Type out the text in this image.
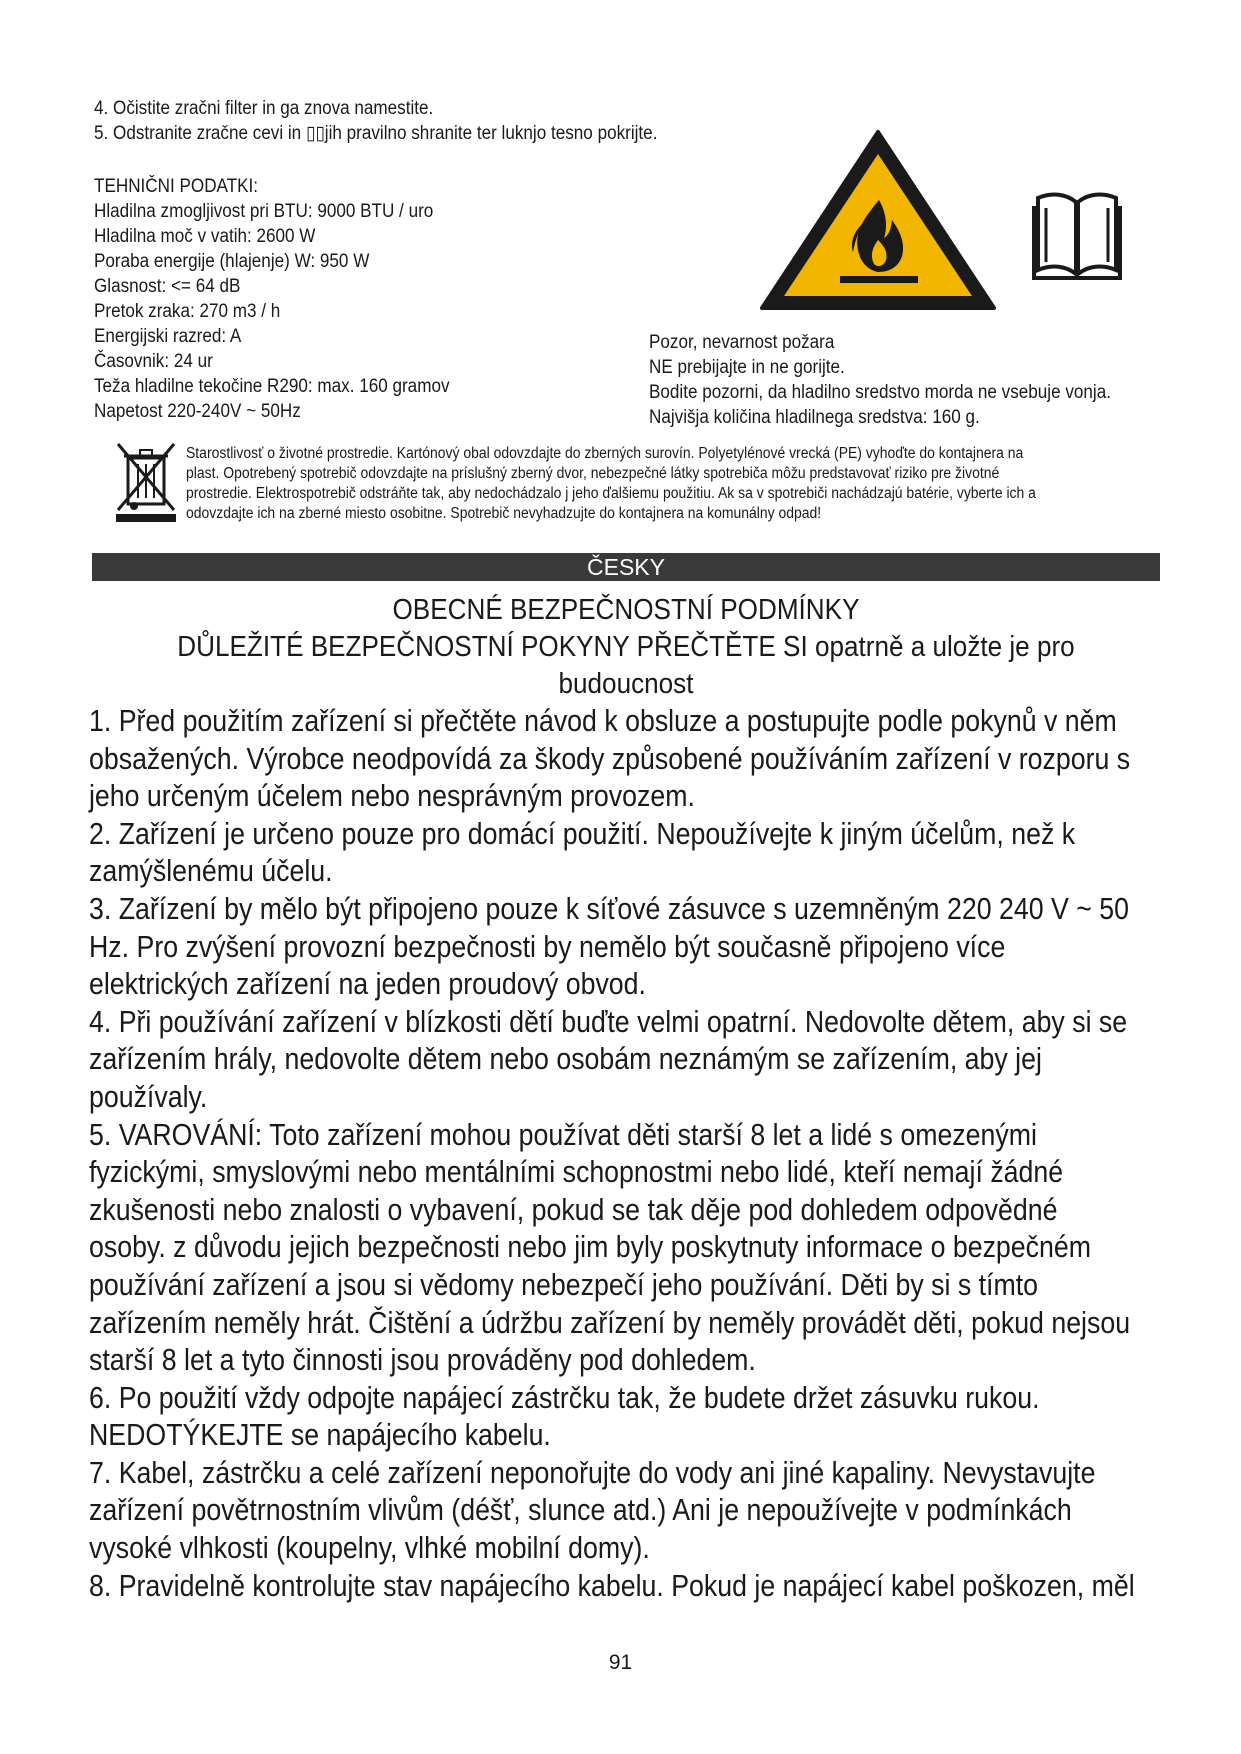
4. Očistite zračni filter in ga znova namestite.
5. Odstranite zračne cevi in ▯▯jih pravilno shranite ter luknjo tesno pokrijte.
TEHNIČNI PODATKI:
Hladilna zmogljivost pri BTU: 9000 BTU / uro
Hladilna moč v vatih: 2600 W
Poraba energije (hlajenje) W: 950 W
Glasnost: <= 64 dB
Pretok zraka: 270 m3 / h
Energijski razred: A
Časovnik: 24 ur
Teža hladilne tekočine R290: max. 160 gramov
Napetost 220-240V ~ 50Hz
Pozor, nevarnost požara
NE prebijajte in ne gorijte.
Bodite pozorni, da hladilno sredstvo morda ne vsebuje vonja.
Najvišja količina hladilnega sredstva: 160 g.
Starostlivosť o životné prostredie. Kartónový obal odovzdajte do zberných surovín. Polyetylénové vrecká (PE) vyhoďte do kontajnera na
plast. Opotrebený spotrebič odovzdajte na príslušný zberný dvor, nebezpečné látky spotrebiča môžu predstavovať riziko pre životné
prostredie. Elektrospotrebič odstráňte tak, aby nedochádzalo j jeho ďalšiemu použitiu. Ak sa v spotrebiči nachádzajú batérie, vyberte ich a
odovzdajte ich na zberné miesto osobitne. Spotrebič nevyhadzujte do kontajnera na komunálny odpad!
ČESKY
OBECNÉ BEZPEČNOSTNÍ PODMÍNKY
DŮLEŽITÉ BEZPEČNOSTNÍ POKYNY PŘEČTĚTE SI opatrně a uložte je pro
budoucnost
1. Před použitím zařízení si přečtěte návod k obsluze a postupujte podle pokynů v něm
obsažených. Výrobce neodpovídá za škody způsobené používáním zařízení v rozporu s
jeho určeným účelem nebo nesprávným provozem.
2. Zařízení je určeno pouze pro domácí použití. Nepoužívejte k jiným účelům, než k
zamýšlenému účelu.
3. Zařízení by mělo být připojeno pouze k síťové zásuvce s uzemněným 220 240 V ~ 50
Hz. Pro zvýšení provozní bezpečnosti by nemělo být současně připojeno více
elektrických zařízení na jeden proudový obvod.
4. Při používání zařízení v blízkosti dětí buďte velmi opatrní. Nedovolte dětem, aby si se
zařízením hrály, nedovolte dětem nebo osobám neznámým se zařízením, aby jej
používaly.
5. VAROVÁNÍ: Toto zařízení mohou používat děti starší 8 let a lidé s omezenými
fyzickými, smyslovými nebo mentálními schopnostmi nebo lidé, kteří nemají žádné
zkušenosti nebo znalosti o vybavení, pokud se tak děje pod dohledem odpovědné
osoby. z důvodu jejich bezpečnosti nebo jim byly poskytnuty informace o bezpečném
používání zařízení a jsou si vědomy nebezpečí jeho používání. Děti by si s tímto
zařízením neměly hrát. Čištění a údržbu zařízení by neměly provádět děti, pokud nejsou
starší 8 let a tyto činnosti jsou prováděny pod dohledem.
6. Po použití vždy odpojte napájecí zástrčku tak, že budete držet zásuvku rukou.
NEDOTÝKEJTE se napájecího kabelu.
7. Kabel, zástrčku a celé zařízení neponořujte do vody ani jiné kapaliny. Nevystavujte
zařízení povětrnostním vlivům (déšť, slunce atd.) Ani je nepoužívejte v podmínkách
vysoké vlhkosti (koupelny, vlhké mobilní domy).
8. Pravidelně kontrolujte stav napájecího kabelu. Pokud je napájecí kabel poškozen, měl
91
